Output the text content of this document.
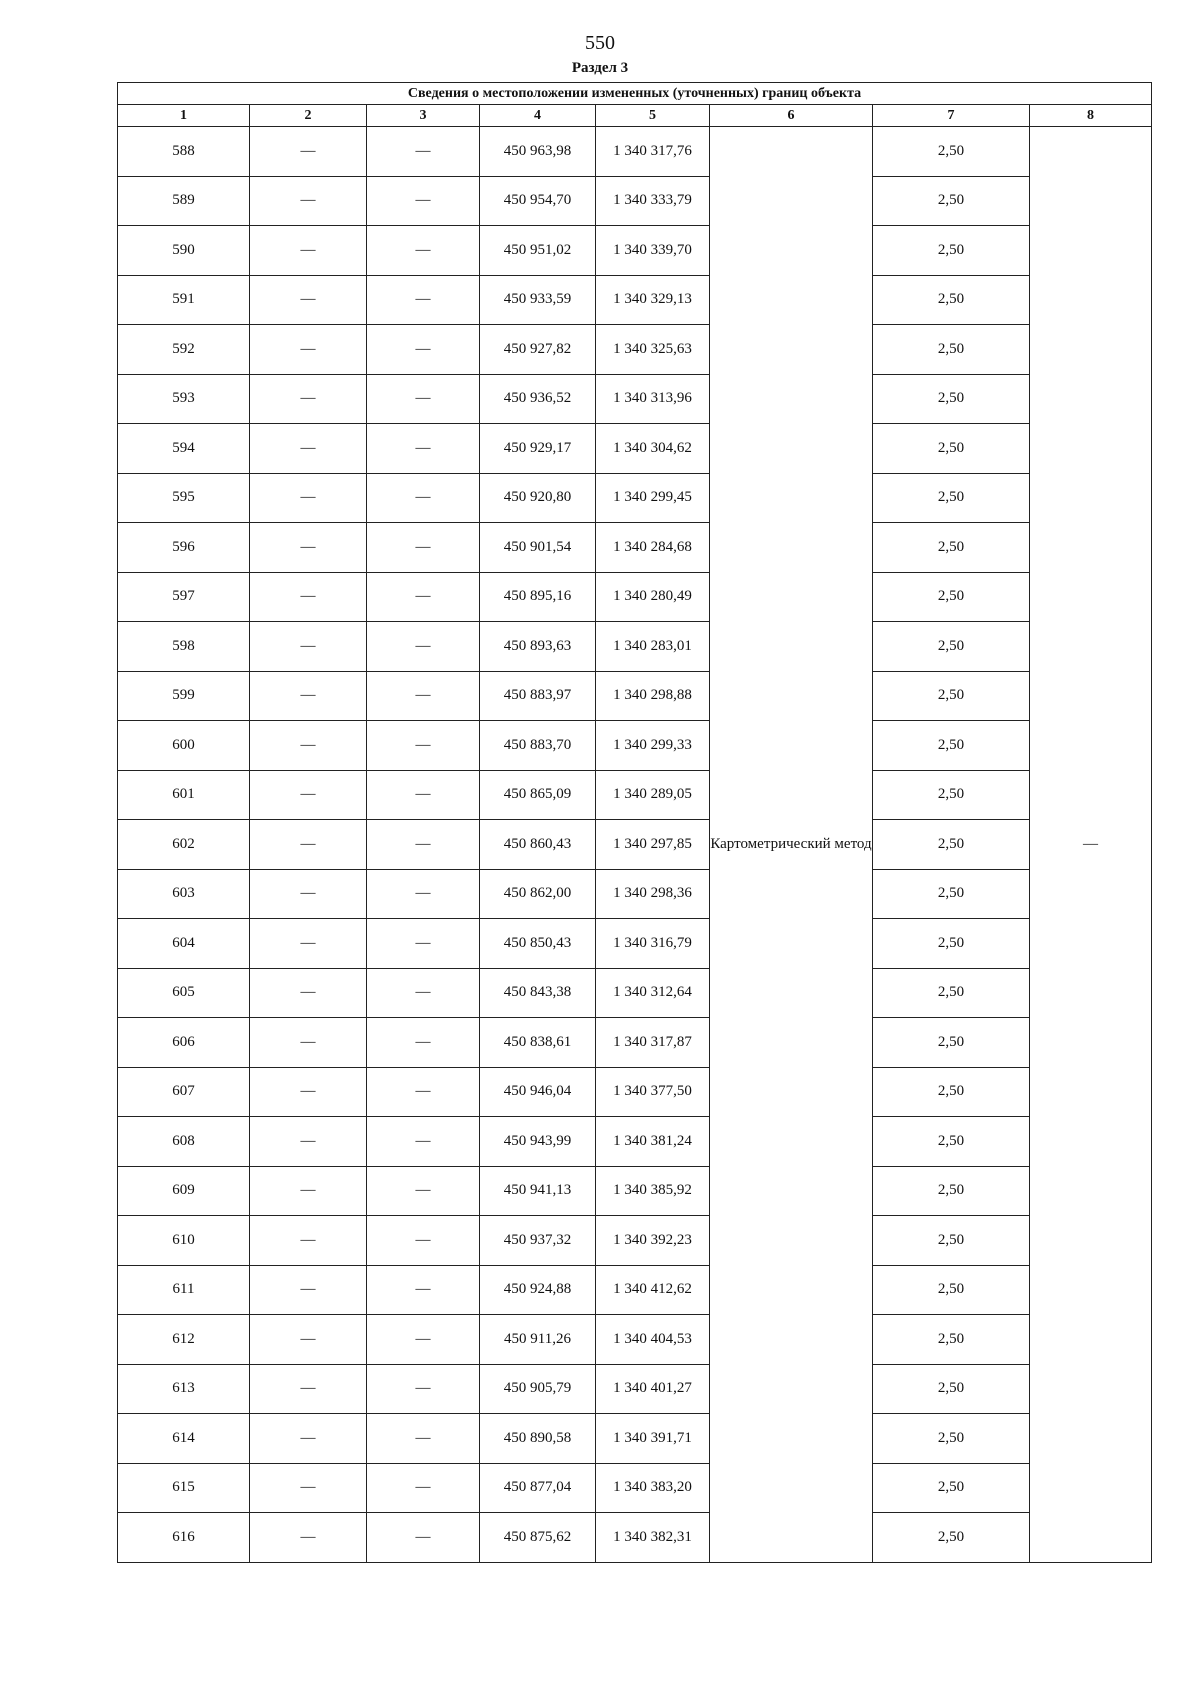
550
Раздел 3
Сведения о местоположении измененных (уточненных) границ объекта							
1	2	3	4	5	6	7	8
588	—	—	450 963,98	1 340 317,76	Картометрический метод	2,50	—
589	—	—	450 954,70	1 340 333,79		2,50	
590	—	—	450 951,02	1 340 339,70		2,50	
591	—	—	450 933,59	1 340 329,13		2,50	
592	—	—	450 927,82	1 340 325,63		2,50	
593	—	—	450 936,52	1 340 313,96		2,50	
594	—	—	450 929,17	1 340 304,62		2,50	
595	—	—	450 920,80	1 340 299,45		2,50	
596	—	—	450 901,54	1 340 284,68		2,50	
597	—	—	450 895,16	1 340 280,49		2,50	
598	—	—	450 893,63	1 340 283,01		2,50	
599	—	—	450 883,97	1 340 298,88		2,50	
600	—	—	450 883,70	1 340 299,33		2,50	
601	—	—	450 865,09	1 340 289,05		2,50	
602	—	—	450 860,43	1 340 297,85		2,50	
603	—	—	450 862,00	1 340 298,36		2,50	
604	—	—	450 850,43	1 340 316,79		2,50	
605	—	—	450 843,38	1 340 312,64		2,50	
606	—	—	450 838,61	1 340 317,87		2,50	
607	—	—	450 946,04	1 340 377,50		2,50	
608	—	—	450 943,99	1 340 381,24		2,50	
609	—	—	450 941,13	1 340 385,92		2,50	
610	—	—	450 937,32	1 340 392,23		2,50	
611	—	—	450 924,88	1 340 412,62		2,50	
612	—	—	450 911,26	1 340 404,53		2,50	
613	—	—	450 905,79	1 340 401,27		2,50	
614	—	—	450 890,58	1 340 391,71		2,50	
615	—	—	450 877,04	1 340 383,20		2,50	
616	—	—	450 875,62	1 340 382,31		2,50	
